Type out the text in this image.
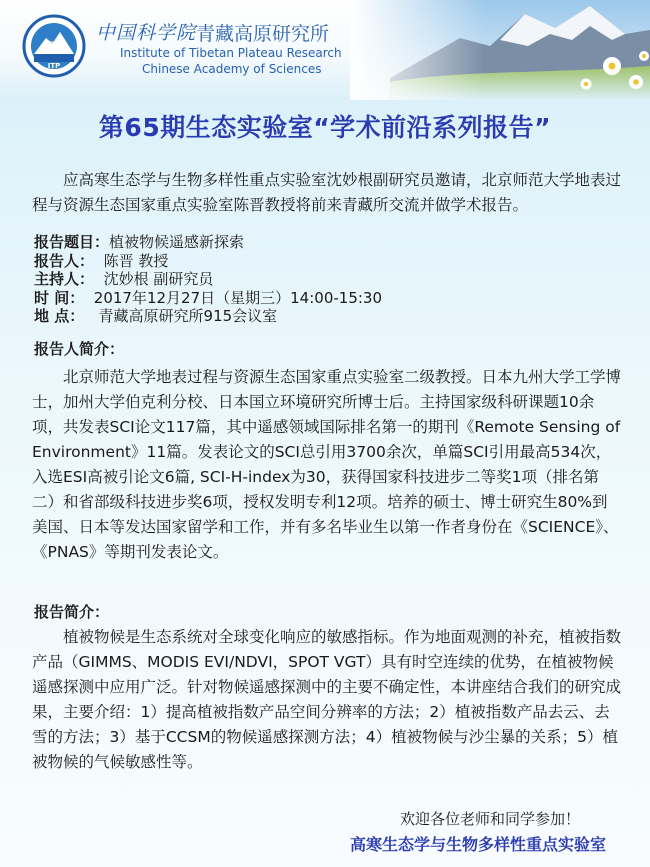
ITP
中国科学院 青藏高原研究所
Institute of Tibetan Plateau Research
Chinese Academy of Sciences
第65期生态实验室“学术前沿系列报告”

应高寒生态学与生物多样性重点实验室沈妙根副研究员邀请，北京师范大学地表过程与资源生态国家重点实验室陈晋教授将前来青藏所交流并做学术报告。

报告题目：植被物候遥感新探索
报告人： 陈晋 教授
主持人： 沈妙根 副研究员
时 间： 2017年12月27日（星期三）14:00-15:30
地 点： 青藏高原研究所915会议室
报告人简介：

北京师范大学地表过程与资源生态国家重点实验室二级教授。日本九州大学工学博士，加州大学伯克利分校、日本国立环境研究所博士后。主持国家级科研课题10余项，共发表SCI论文117篇，其中遥感领域国际排名第一的期刊《Remote Sensing of Environment》11篇。发表论文的SCI总引用3700余次，单篇SCI引用最高534次，入选ESI高被引论文6篇, SCI-H-index为30，获得国家科技进步二等奖1项（排名第二）和省部级科技进步奖6项，授权发明专利12项。培养的硕士、博士研究生80%到美国、日本等发达国家留学和工作，并有多名毕业生以第一作者身份在《SCIENCE》、《PNAS》等期刊发表论文。

报告简介：

植被物候是生态系统对全球变化响应的敏感指标。作为地面观测的补充，植被指数产品（GIMMS、MODIS EVI/NDVI，SPOT VGT）具有时空连续的优势，在植被物候遥感探测中应用广泛。针对物候遥感探测中的主要不确定性，本讲座结合我们的研究成果，主要介绍：1）提高植被指数产品空间分辨率的方法；2）植被指数产品去云、去雪的方法；3）基于CCSM的物候遥感探测方法；4）植被物候与沙尘暴的关系；5）植被物候的气候敏感性等。

欢迎各位老师和同学参加！
高寒生态学与生物多样性重点实验室
